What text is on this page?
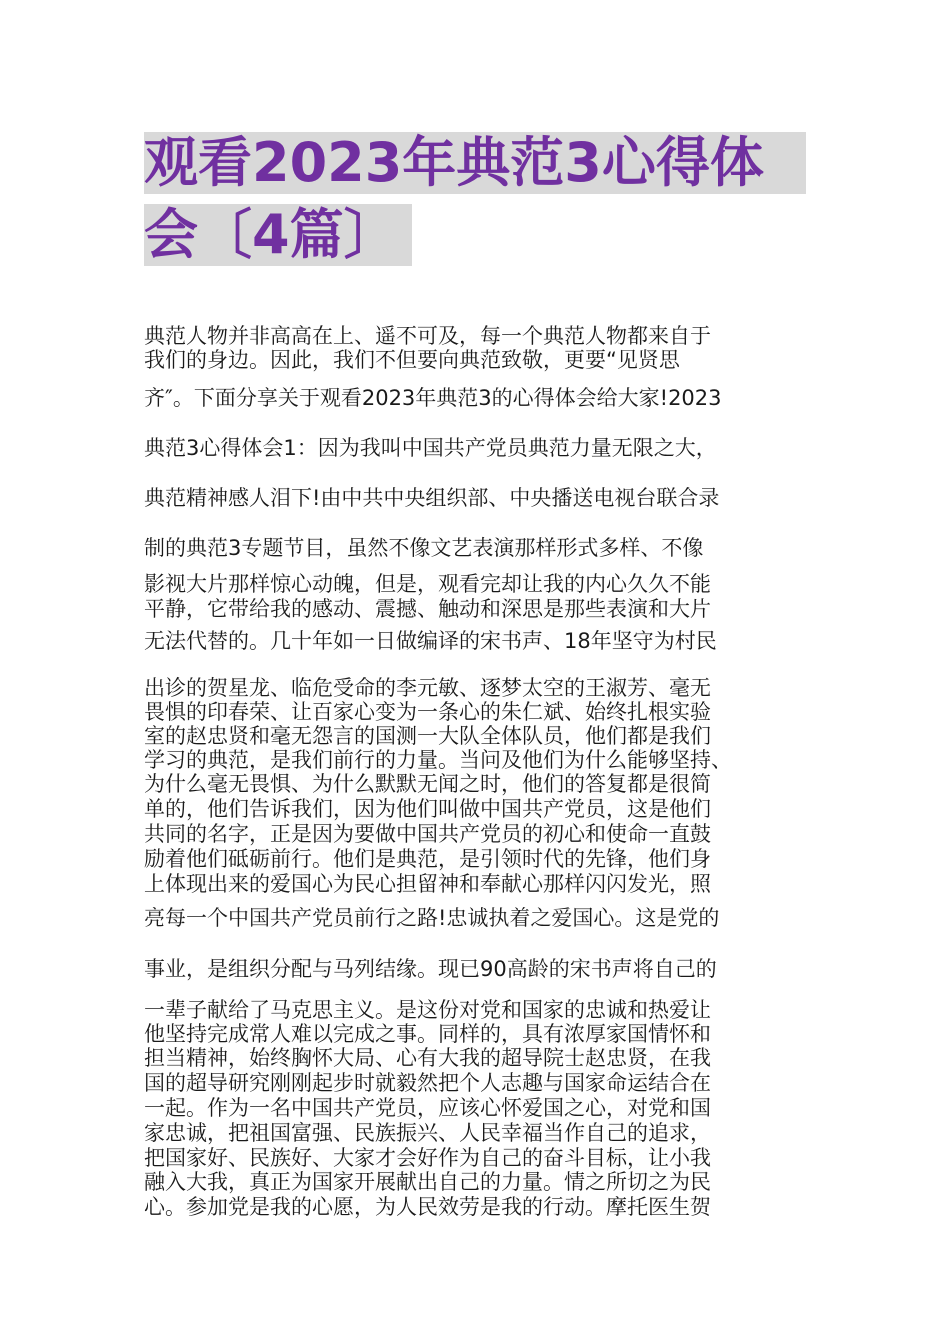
观看2023年典范3心得体
会〔4篇〕
典范人物并非高高在上、遥不可及，每一个典范人物都来自于
我们的身边。因此，我们不但要向典范致敬，更要“见贤思
齐″。下面分享关于观看2023年典范3的心得体会给大家!2023
典范3心得体会1：因为我叫中国共产党员典范力量无限之大，
典范精神感人泪下!由中共中央组织部、中央播送电视台联合录
制的典范3专题节目，虽然不像文艺表演那样形式多样、不像
影视大片那样惊心动魄，但是，观看完却让我的内心久久不能
平静，它带给我的感动、震撼、触动和深思是那些表演和大片
无法代替的。几十年如一日做编译的宋书声、18年坚守为村民
出诊的贺星龙、临危受命的李元敏、逐梦太空的王淑芳、毫无
畏惧的印春荣、让百家心变为一条心的朱仁斌、始终扎根实验
室的赵忠贤和毫无怨言的国测一大队全体队员，他们都是我们
学习的典范，是我们前行的力量。当问及他们为什么能够坚持、
为什么毫无畏惧、为什么默默无闻之时，他们的答复都是很简
单的，他们告诉我们，因为他们叫做中国共产党员，这是他们
共同的名字，正是因为要做中国共产党员的初心和使命一直鼓
励着他们砥砺前行。他们是典范，是引领时代的先锋，他们身
上体现出来的爱国心为民心担留神和奉献心那样闪闪发光，照
亮每一个中国共产党员前行之路!忠诚执着之爱国心。这是党的
事业，是组织分配与马列结缘。现已90高龄的宋书声将自己的
一辈子献给了马克思主义。是这份对党和国家的忠诚和热爱让
他坚持完成常人难以完成之事。同样的，具有浓厚家国情怀和
担当精神，始终胸怀大局、心有大我的超导院士赵忠贤，在我
国的超导研究刚刚起步时就毅然把个人志趣与国家命运结合在
一起。作为一名中国共产党员，应该心怀爱国之心，对党和国
家忠诚，把祖国富强、民族振兴、人民幸福当作自己的追求，
把国家好、民族好、大家才会好作为自己的奋斗目标，让小我
融入大我，真正为国家开展献出自己的力量。情之所切之为民
心。参加党是我的心愿，为人民效劳是我的行动。摩托医生贺
